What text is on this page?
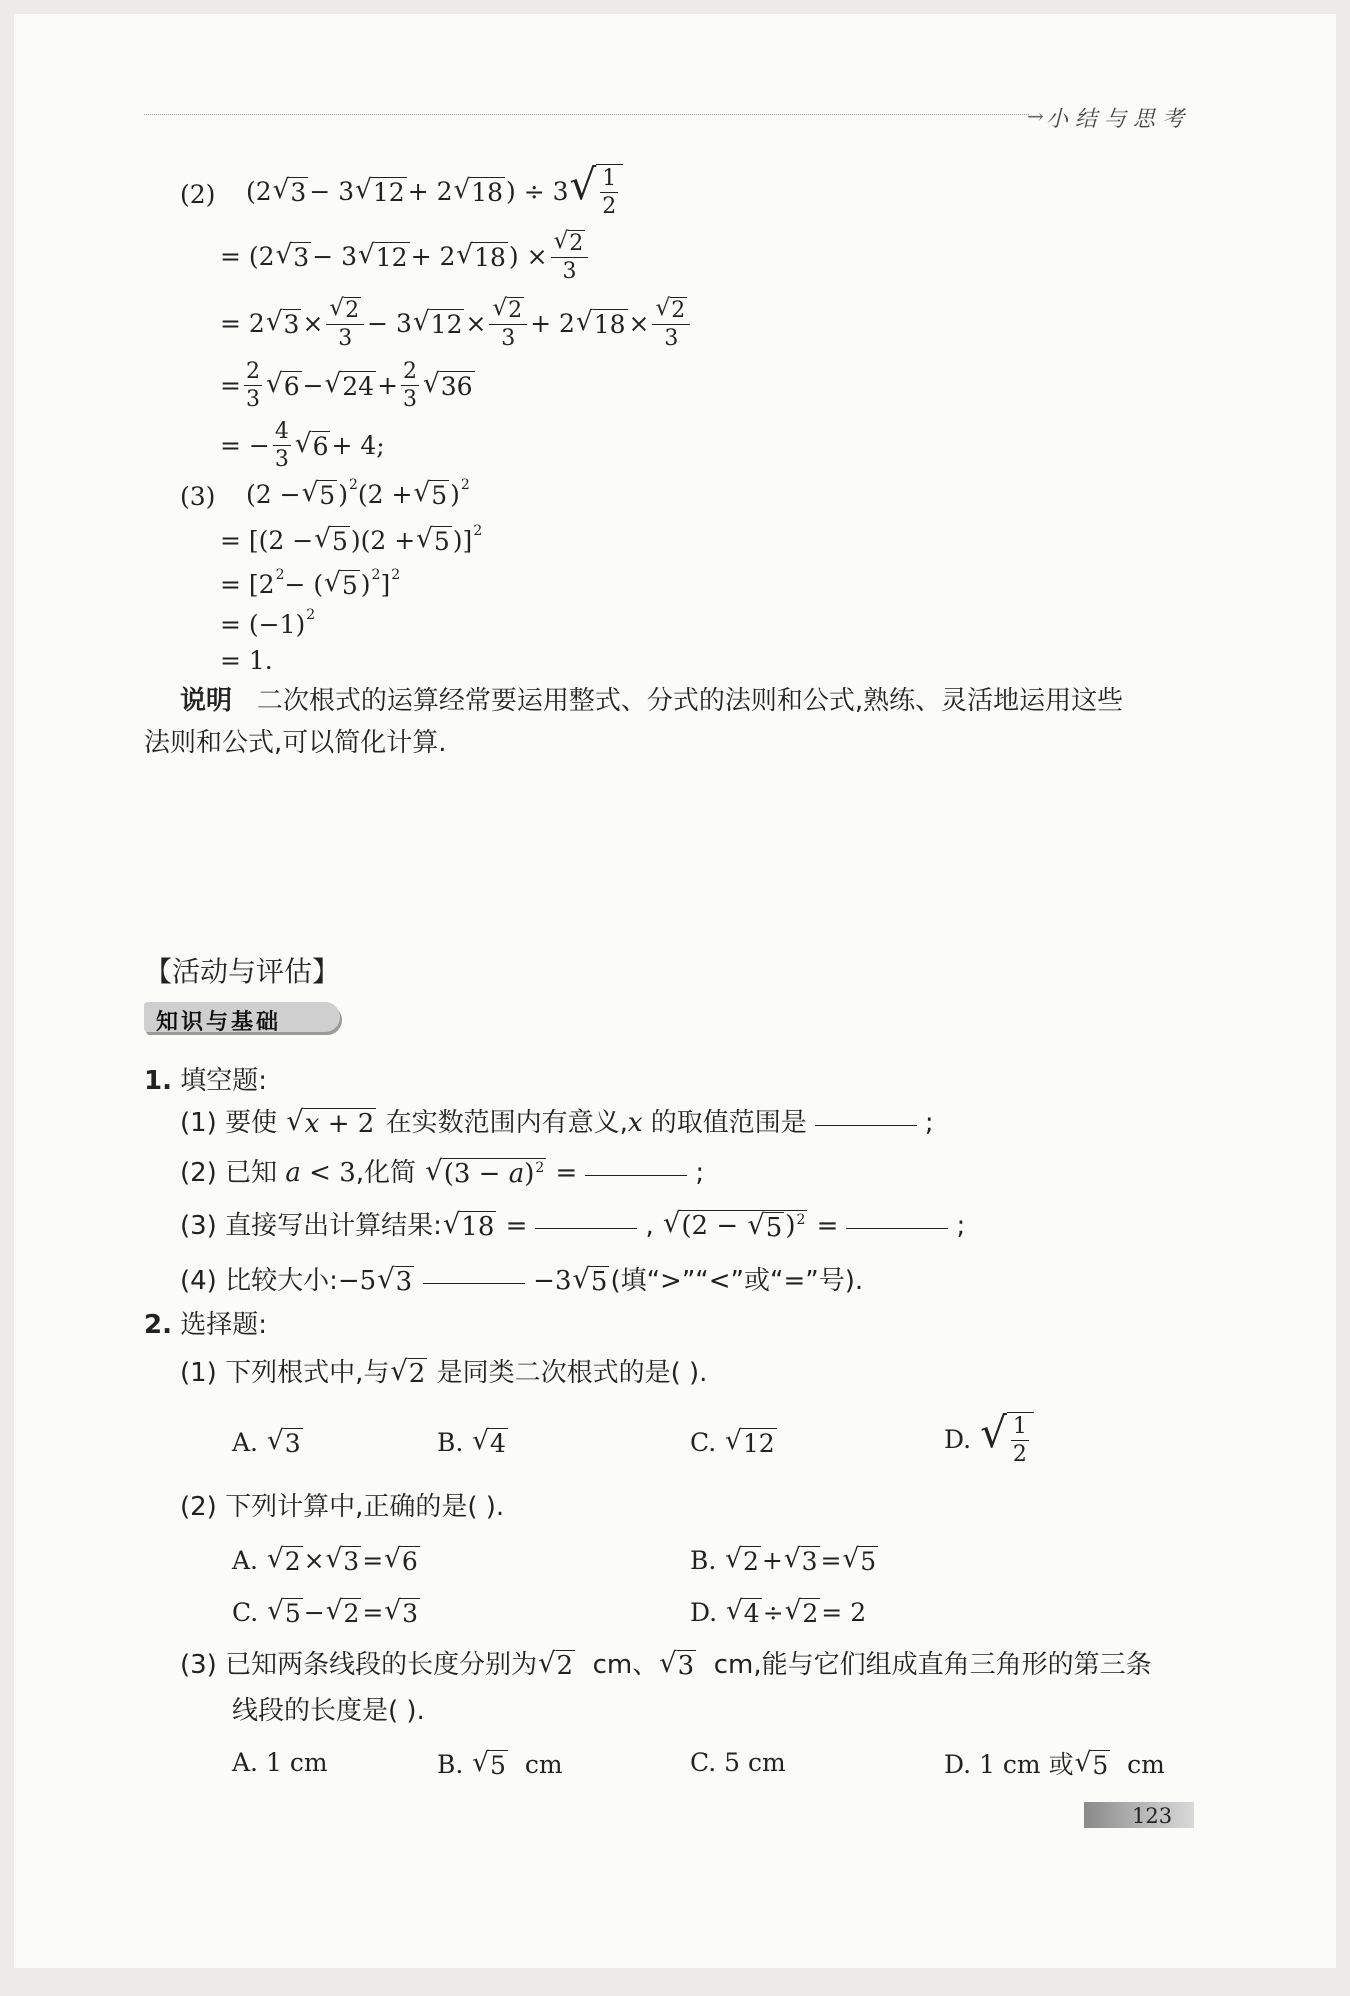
→ 小结与思考
(2) (2 √ 3 − 3 √ 12 + 2 √ 18 ) ÷ 3 √ $\frac{1}{2}$
= (2 √ 3 − 3 √ 12 + 2 √ 18 ) × $\frac{√ 2}{3}$
= 2 √ $3 \times \frac{√ 2}{3} - 3$ √ $12 \times \frac{√ 2}{3} + 2$ √ $18 \times \frac{√ 2}{3}$
= $\frac{2}{3}$ √ 6 − √ $24 + \frac{2}{3}$ √ 36
= − $\frac{4}{3}$ √ 6 + 4;
(3) (2 − √ 5 ) 2 (2 + √ 5 ) 2
= [(2 − √ 5 )(2 + √ 5 )] 2
= [2 2 − ( √ 5 ) 2 ] 2
= (−1) 2
= 1.
说明 二次根式的运算经常要运用整式、分式的法则和公式,熟练、灵活地运用这些
法则和公式,可以简化计算.
【活动与评估】
知识与基础
1. 填空题:
(1)
要使
√ x + 2
在实数范围内有意义, x
的取值范围是	;
(2)
已知
a < 3 ,化简
√ $(3 - a)^2$ =	;
(3)
直接写出计算结果: √ 18 =	, √ (2 − √ 5 )$^2$ =	;
(4)
比较大小: −5 √ 3	−3 √ 5 (填“>”“<”或“=”号).
2. 选择题:
(1)
下列根式中,与 √ 2
是同类二次根式的是( ).
A.
√ 3	B.
√ 4	C.
√ 12	D.
√ $\frac{1}{2}$
(2)
下列计算中,正确的是( ).
A.
√ 2 × √ 3 = √ 6	B.
√ 2 + √ 3 = √ 5
C.
√ 5 − √ 2 = √ 3	D.
√ 4 ÷ √ 2 = 2
(3)
已知两条线段的长度分别为 √ 2
cm、 √ 3
cm,能与它们组成直角三角形的第三条
线段的长度是( ).
A.
1 cm	B.
√ 5
cm	C.
5 cm	D.
1 cm 或 √ 5
cm
123
